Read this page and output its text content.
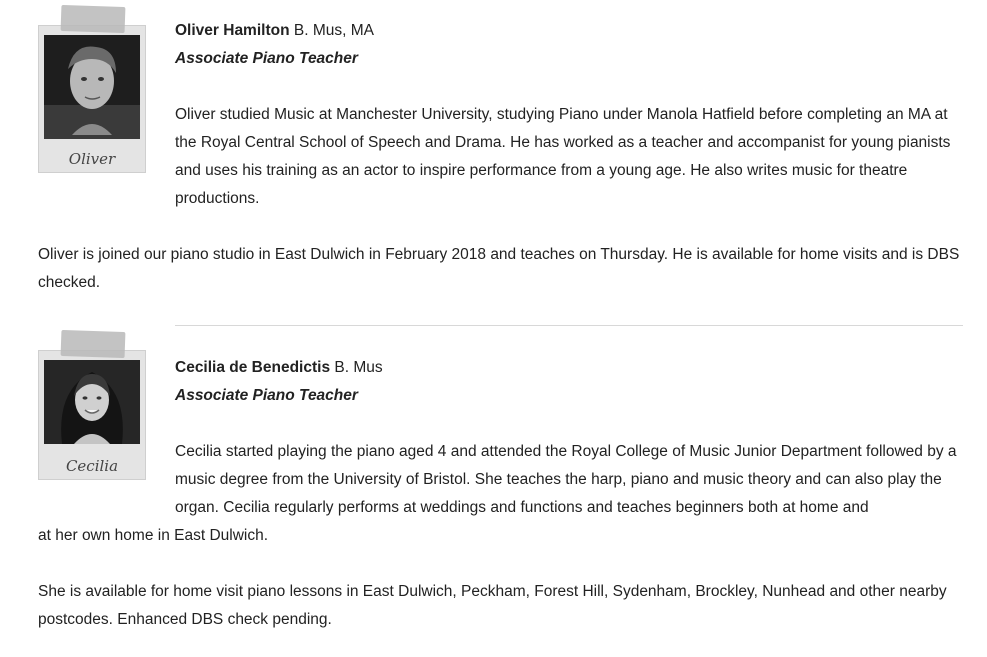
Oliver

Oliver Hamilton B. Mus, MA

Associate Piano Teacher

Oliver studied Music at Manchester University, studying Piano under Manola Hatfield before completing an MA at the Royal Central School of Speech and Drama. He has worked as a teacher and accompanist for young pianists and uses his training as an actor to inspire performance from a young age. He also writes music for theatre productions.

Oliver is joined our piano studio in East Dulwich in February 2018 and teaches on Thursday. He is available for home visits and is DBS checked.

Cecilia

Cecilia de Benedictis B. Mus

Associate Piano Teacher

Cecilia started playing the piano aged 4 and attended the Royal College of Music Junior Department followed by a music degree from the University of Bristol. She teaches the harp, piano and music theory and can also play the organ. Cecilia regularly performs at weddings and functions and teaches beginners both at home and

at her own home in East Dulwich.

She is available for home visit piano lessons in East Dulwich, Peckham, Forest Hill, Sydenham, Brockley, Nunhead and other nearby postcodes. Enhanced DBS check pending.
